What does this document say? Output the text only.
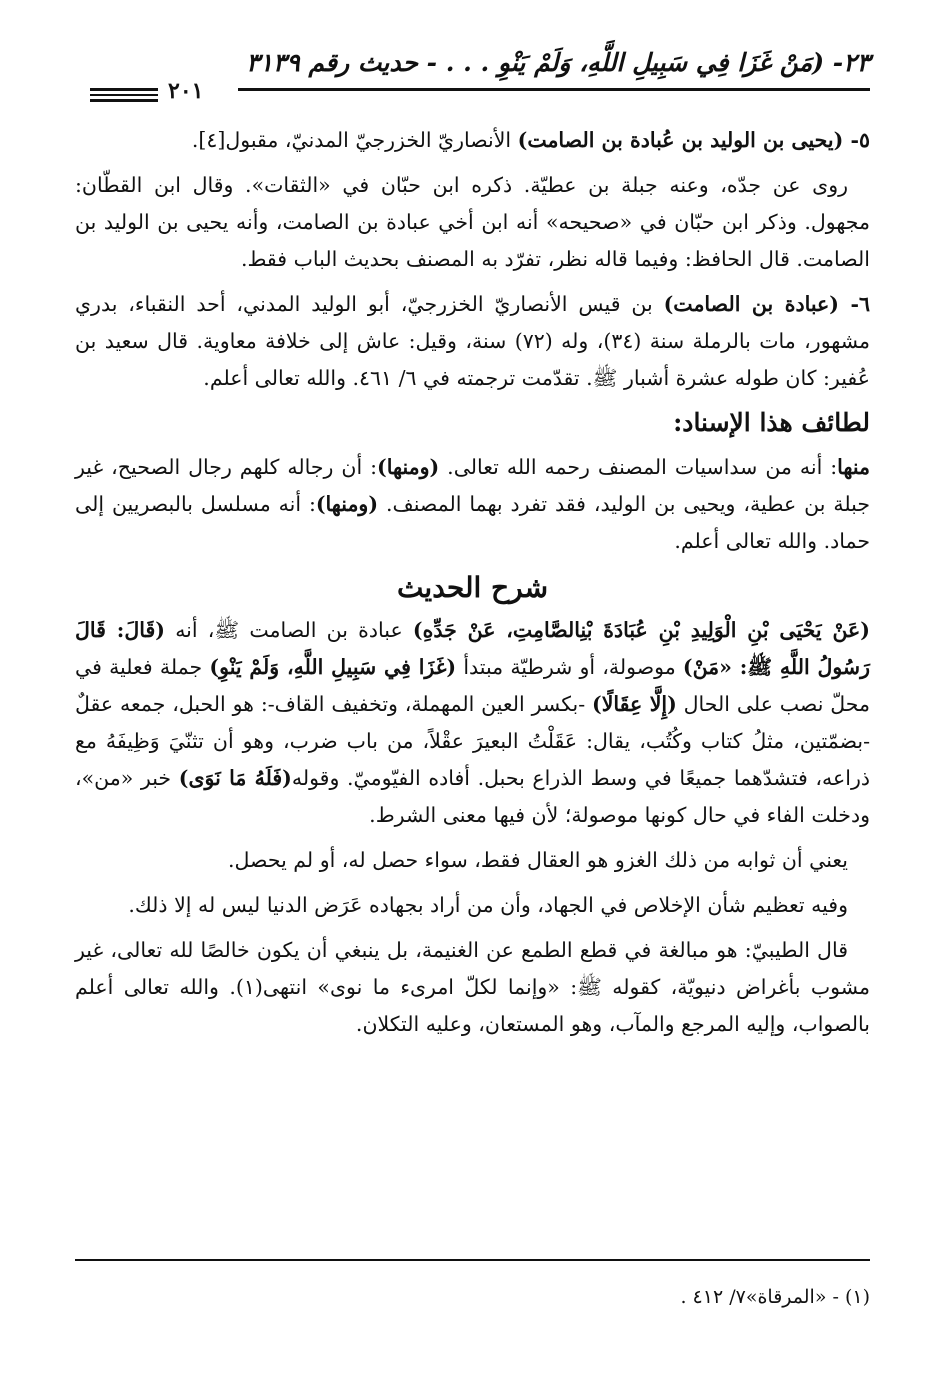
٢٣- (مَنْ غَزَا فِي سَبِيلِ اللَّهِ، وَلَمْ يَنْوِ . . . - حديث رقم ٣١٣٩
٢٠١

٥- (يحيى بن الوليد بن عُبادة بن الصامت) الأنصاريّ الخزرجيّ المدنيّ، مقبول[٤].

روى عن جدّه، وعنه جبلة بن عطيّة. ذكره ابن حبّان في «الثقات». وقال ابن القطّان: مجهول. وذكر ابن حبّان في «صحيحه» أنه ابن أخي عبادة بن الصامت، وأنه يحيى بن الوليد بن الصامت. قال الحافظ: وفيما قاله نظر، تفرّد به المصنف بحديث الباب فقط.

٦- (عبادة بن الصامت) بن قيس الأنصاريّ الخزرجيّ، أبو الوليد المدني، أحد النقباء، بدري مشهور، مات بالرملة سنة (٣٤)، وله (٧٢) سنة، وقيل: عاش إلى خلافة معاوية. قال سعيد بن عُفير: كان طوله عشرة أشبار ﷺ. تقدّمت ترجمته في ٦/ ٤٦١. والله تعالى أعلم.

لطائف هذا الإسناد:

منها: أنه من سداسيات المصنف رحمه الله تعالى. (ومنها): أن رجاله كلهم رجال الصحيح، غير جبلة بن عطية، ويحيى بن الوليد، فقد تفرد بهما المصنف. (ومنها): أنه مسلسل بالبصريين إلى حماد. والله تعالى أعلم.

شرح الحديث

(عَنْ يَحْيَى بْنِ الْوَلِيدِ بْنِ عُبَادَةَ بْنِالصَّامِتِ، عَنْ جَدِّهِ) عبادة بن الصامت ﷺ، أنه (قَالَ: قَالَ رَسُولُ اللَّهِ ﷺ: «مَنْ) موصولة، أو شرطيّة مبتدأ (غَزَا فِي سَبِيلِ اللَّهِ، وَلَمْ يَنْوِ) جملة فعلية في محلّ نصب على الحال (إِلَّا عِقَالًا) -بكسر العين المهملة، وتخفيف القاف-: هو الحبل، جمعه عقلٌ -بضمّتين، مثلُ كتاب وكُتُب، يقال: عَقَلْتُ البعيرَ عقْلاً، من باب ضرب، وهو أن تثنّيَ وَظِيفَهُ مع ذراعه، فتشدّهما جميعًا في وسط الذراع بحبل. أفاده الفيّوميّ. وقوله(فَلَهُ مَا نَوَى) خبر «من»، ودخلت الفاء في حال كونها موصولة؛ لأن فيها معنى الشرط.

يعني أن ثوابه من ذلك الغزو هو العقال فقط، سواء حصل له، أو لم يحصل.

وفيه تعظيم شأن الإخلاص في الجهاد، وأن من أراد بجهاده عَرَض الدنيا ليس له إلا ذلك.

قال الطيبيّ: هو مبالغة في قطع الطمع عن الغنيمة، بل ينبغي أن يكون خالصًا لله تعالى، غير مشوب بأغراض دنيويّة، كقوله ﷺ: «وإنما لكلّ امرىء ما نوى» انتهى(١). والله تعالى أعلم بالصواب، وإليه المرجع والمآب، وهو المستعان، وعليه التكلان.

(١) - «المرقاة»٧/ ٤١٢ .
